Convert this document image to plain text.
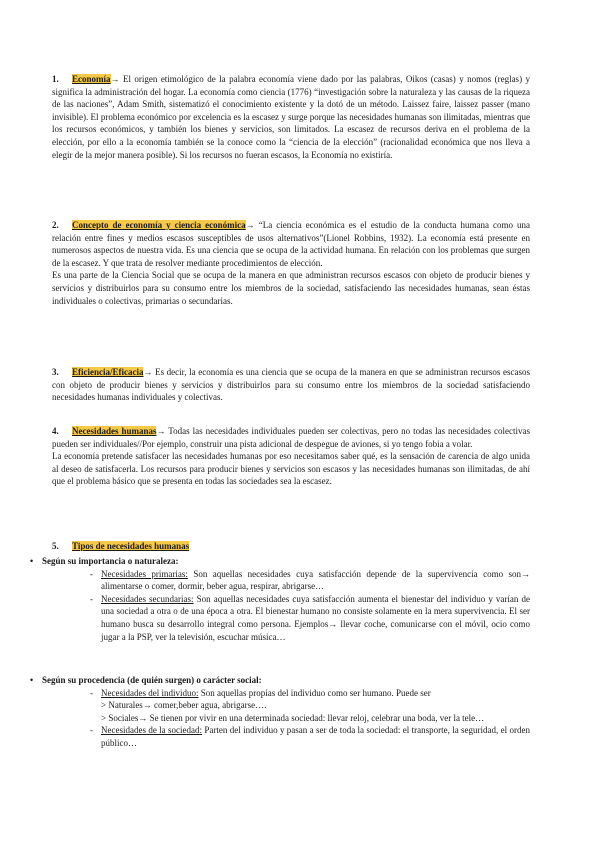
1. Economía→ El origen etimológico de la palabra economía viene dado por las palabras, Oikos (casas) y nomos (reglas) y significa la administración del hogar. La economía como ciencia (1776) “investigación sobre la naturaleza y las causas de la riqueza de las naciones”, Adam Smith, sistematizó el conocimiento existente y la dotó de un método. Laissez faire, laissez passer (mano invisible). El problema económico por excelencia es la escasez y surge porque las necesidades humanas son ilimitadas, mientras que los recursos económicos, y también los bienes y servicios, son limitados. La escasez de recursos deriva en el problema de la elección, por ello a la economía también se la conoce como la “ciencia de la elección” (racionalidad económica que nos lleva a elegir de la mejor manera posible). Si los recursos no fueran escasos, la Economía no existiría.

2. Concepto de economía y ciencia económica→ “La ciencia económica es el estudio de la conducta humana como una relación entre fines y medios escasos susceptibles de usos alternativos”(Lionel Robbins, 1932). La economía está presente en numerosos aspectos de nuestra vida. Es una ciencia que se ocupa de la actividad humana. En relación con los problemas que surgen de la escasez. Y que trata de resolver mediante procedimientos de elección.

Es una parte de la Ciencia Social que se ocupa de la manera en que administran recursos escasos con objeto de producir bienes y servicios y distribuirlos para su consumo entre los miembros de la sociedad, satisfaciendo las necesidades humanas, sean éstas individuales o colectivas, primarias o secundarias.

3. Eficiencia/Eficacia→ Es decir, la economía es una ciencia que se ocupa de la manera en que se administran recursos escasos con objeto de producir bienes y servicios y distribuirlos para su consumo entre los miembros de la sociedad satisfaciendo necesidades humanas individuales y colectivas.

4. Necesidades humanas→ Todas las necesidades individuales pueden ser colectivas, pero no todas las necesidades colectivas pueden ser individuales//Por ejemplo, construir una pista adicional de despegue de aviones, si yo tengo fobia a volar.

La economía pretende satisfacer las necesidades humanas por eso necesitamos saber qué, es la sensación de carencia de algo unida al deseo de satisfacerla. Los recursos para producir bienes y servicios son escasos y las necesidades humanas son ilimitadas, de ahí que el problema básico que se presenta en todas las sociedades sea la escasez.

5. Tipos de necesidades humanas
• Según su importancia o naturaleza:
- Necesidades primarias: Son aquellas necesidades cuya satisfacción depende de la supervivencia como son→ alimentarse o comer, dormir, beber agua, respirar, abrigarse…
- Necesidades secundarias: Son aquellas necesidades cuya satisfacción aumenta el bienestar del individuo y varían de una sociedad a otra o de una época a otra. El bienestar humano no consiste solamente en la mera supervivencia. El ser humano busca su desarrollo integral como persona. Ejemplos→ llevar coche, comunicarse con el móvil, ocio como jugar a la PSP, ver la televisión, escuchar música…
• Según su procedencia (de quién surgen) o carácter social:
- Necesidades del individuo: Son aquellas propias del individuo como ser humano. Puede ser
> Naturales→ comer,beber agua, abrigarse….
> Sociales→ Se tienen por vivir en una determinada sociedad: llevar reloj, celebrar una boda, ver la tele…
- Necesidades de la sociedad: Parten del individuo y pasan a ser de toda la sociedad: el transporte, la seguridad, el orden público…
